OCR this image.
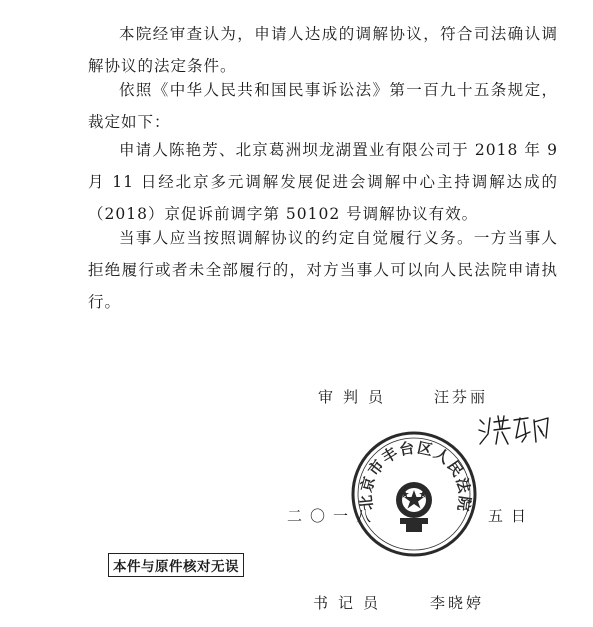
本院经审查认为，申请人达成的调解协议，符合司法确认调解协议的法定条件。

依照《中华人民共和国民事诉讼法》第一百九十五条规定，裁定如下：

申请人陈艳芳、北京葛洲坝龙湖置业有限公司于 2018 年 9 月 11 日经北京多元调解发展促进会调解中心主持调解达成的（2018）京促诉前调字第 50102 号调解协议有效。

当事人应当按照调解协议的约定自觉履行义务。一方当事人拒绝履行或者未全部履行的，对方当事人可以向人民法院申请执行。

审判员	汪芬丽
北京市丰台区人民法院
二〇一八	五日
本件与原件核对无误
书记员	李晓婷
